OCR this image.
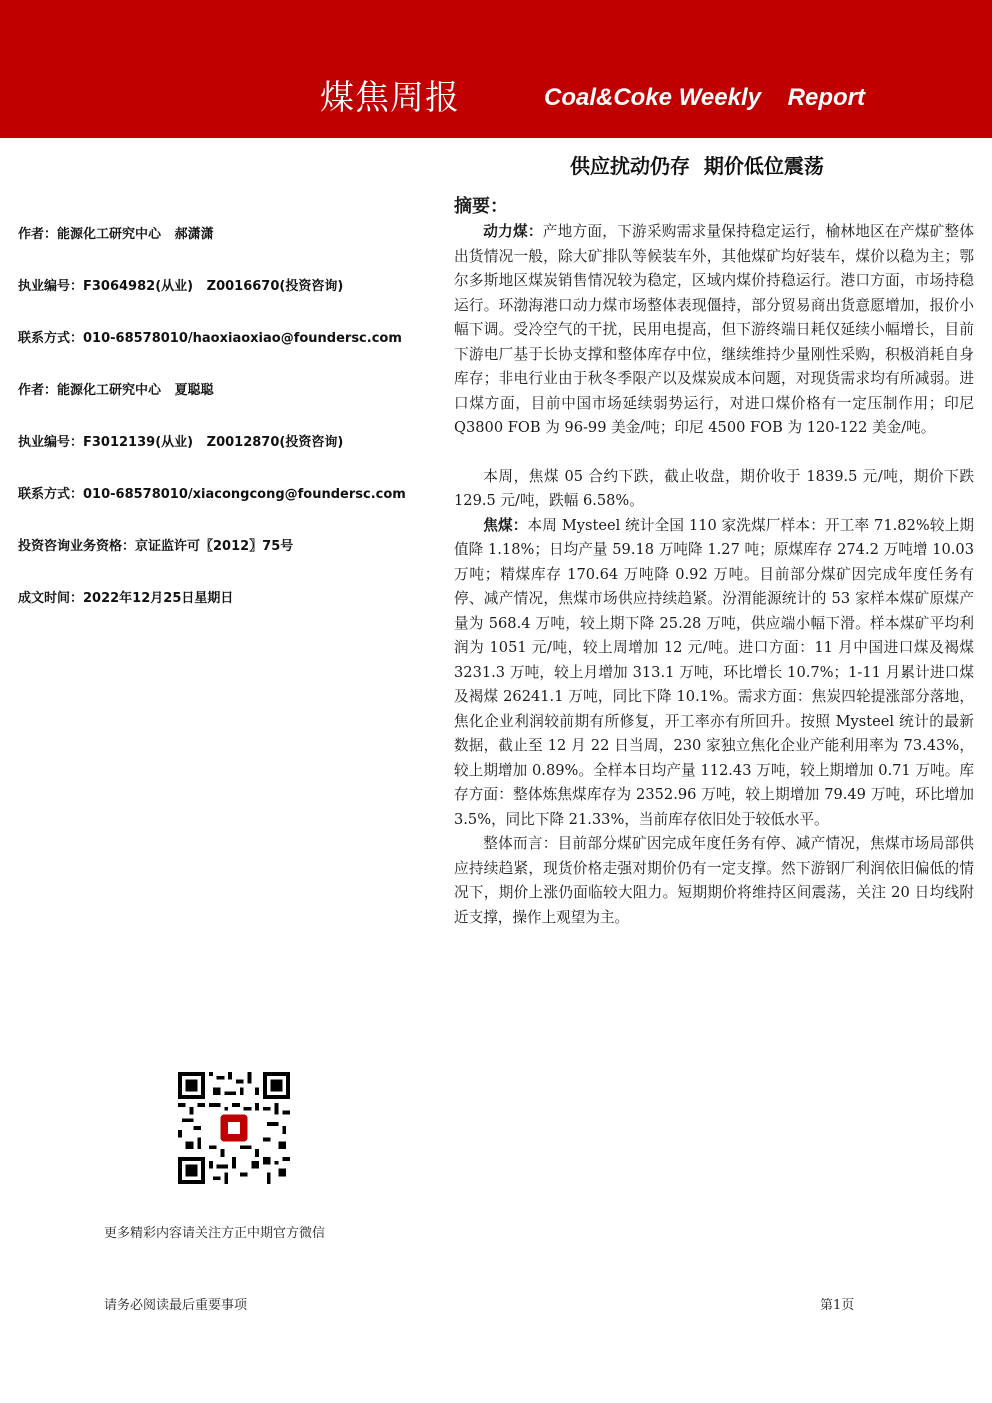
煤焦周报	Coal&Coke Weekly    Report
供应扰动仍存  期价低位震荡
作者：能源化工研究中心   郝潇潇
执业编号：F3064982(从业)   Z0016670(投资咨询)
联系方式：010-68578010/haoxiaoxiao@foundersc.com
作者：能源化工研究中心   夏聪聪
执业编号：F3012139(从业)   Z0012870(投资咨询)
联系方式：010-68578010/xiacongcong@foundersc.com
投资咨询业务资格：京证监许可〖2012〗75号
成文时间：2022年12月25日星期日
摘要：

动力煤：产地方面，下游采购需求量保持稳定运行，榆林地区在产煤矿整体出货情况一般，除大矿排队等候装车外，其他煤矿均好装车，煤价以稳为主；鄂尔多斯地区煤炭销售情况较为稳定，区域内煤价持稳运行。港口方面，市场持稳运行。环渤海港口动力煤市场整体表现僵持，部分贸易商出货意愿增加，报价小幅下调。受冷空气的干扰，民用电提高，但下游终端日耗仅延续小幅增长，目前下游电厂基于长协支撑和整体库存中位，继续维持少量刚性采购，积极消耗自身库存；非电行业由于秋冬季限产以及煤炭成本问题，对现货需求均有所减弱。进口煤方面，目前中国市场延续弱势运行，对进口煤价格有一定压制作用；印尼 Q3800 FOB 为 96-99 美金/吨；印尼 4500 FOB 为 120-122 美金/吨。

本周，焦煤 05 合约下跌，截止收盘，期价收于 1839.5 元/吨，期价下跌 129.5 元/吨，跌幅 6.58%。

焦煤：本周 Mysteel 统计全国 110 家洗煤厂样本：开工率 71.82%较上期值降 1.18%；日均产量 59.18 万吨降 1.27 吨；原煤库存 274.2 万吨增 10.03 万吨；精煤库存 170.64 万吨降 0.92 万吨。目前部分煤矿因完成年度任务有停、减产情况，焦煤市场供应持续趋紧。汾渭能源统计的 53 家样本煤矿原煤产量为 568.4 万吨，较上期下降 25.28 万吨，供应端小幅下滑。样本煤矿平均利润为 1051 元/吨，较上周增加 12 元/吨。进口方面：11 月中国进口煤及褐煤 3231.3 万吨，较上月增加 313.1 万吨，环比增长 10.7%；1-11 月累计进口煤及褐煤 26241.1 万吨，同比下降 10.1%。需求方面：焦炭四轮提涨部分落地，焦化企业利润较前期有所修复，开工率亦有所回升。按照 Mysteel 统计的最新数据，截止至 12 月 22 日当周，230 家独立焦化企业产能利用率为 73.43%，较上期增加 0.89%。全样本日均产量 112.43 万吨，较上期增加 0.71 万吨。库存方面：整体炼焦煤库存为 2352.96 万吨，较上期增加 79.49 万吨，环比增加 3.5%，同比下降 21.33%，当前库存依旧处于较低水平。

整体而言：目前部分煤矿因完成年度任务有停、减产情况，焦煤市场局部供应持续趋紧，现货价格走强对期价仍有一定支撑。然下游钢厂利润依旧偏低的情况下，期价上涨仍面临较大阻力。短期期价将维持区间震荡，关注 20 日均线附近支撑，操作上观望为主。

更多精彩内容请关注方正中期官方微信
请务必阅读最后重要事项	第1页
